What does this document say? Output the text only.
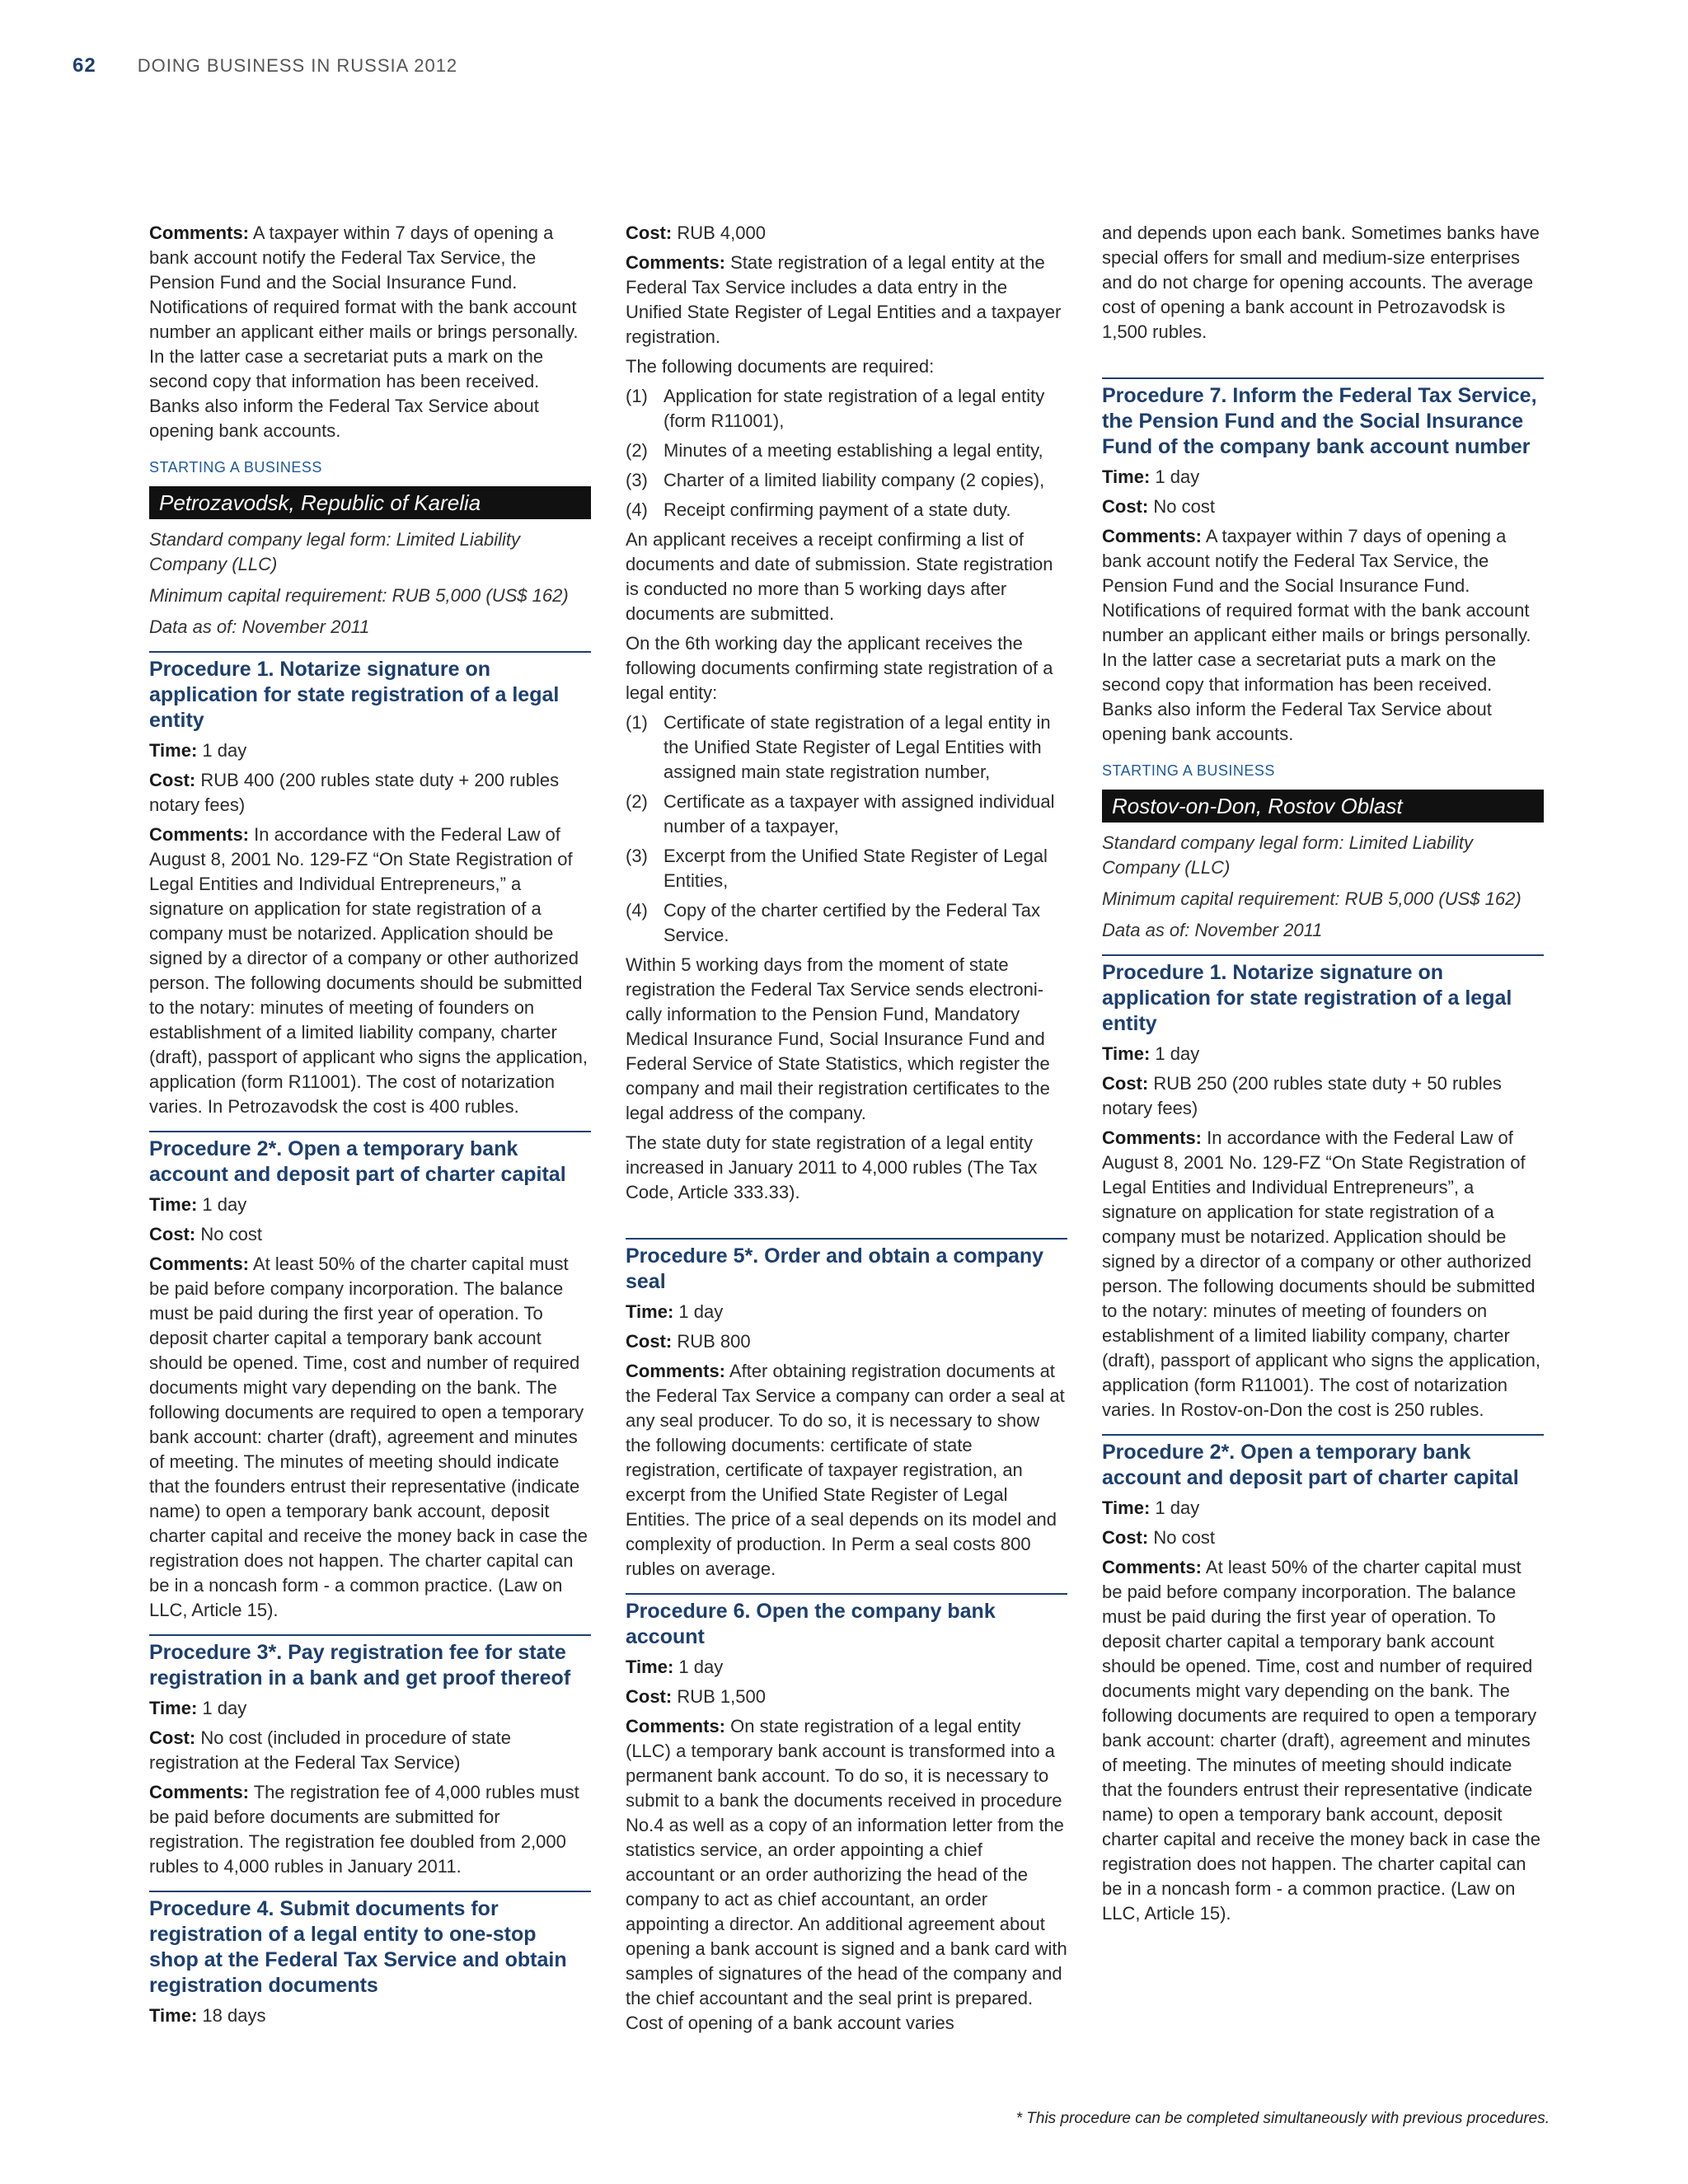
62 DOING BUSINESS IN RUSSIA 2012

Comments: A taxpayer within 7 days of opening a bank account notify the Federal Tax Service, the Pension Fund and the Social Insurance Fund. Notifications of required format with the bank account number an applicant either mails or brings personally. In the latter case a secretariat puts a mark on the second copy that information has been received. Banks also inform the Federal Tax Service about opening bank accounts.

STARTING A BUSINESS
Petrozavodsk, Republic of Karelia

Standard company legal form: Limited Liability Company (LLC)

Minimum capital requirement: RUB 5,000 (US$ 162)

Data as of: November 2011

Procedure 1. Notarize signature on application for state registration of a legal entity

Time: 1 day

Cost: RUB 400 (200 rubles state duty + 200 rubles notary fees)

Comments: In accordance with the Federal Law of August 8, 2001 No. 129-FZ “On State Registration of Legal Entities and Individual Entrepreneurs,” a signature on application for state registration of a company must be notarized. Application should be signed by a director of a company or other authorized person. The following documents should be submitted to the notary: minutes of meeting of founders on establishment of a limited liability company, charter (draft), passport of applicant who signs the application, application (form R11001). The cost of notarization varies. In Petrozavodsk the cost is 400 rubles.

Procedure 2*. Open a temporary bank account and deposit part of charter capital

Time: 1 day

Cost: No cost

Comments: At least 50% of the charter capital must be paid before company incorporation. The balance must be paid during the first year of operation. To deposit charter capital a temporary bank account should be opened. Time, cost and number of required documents might vary depending on the bank. The following documents are required to open a temporary bank account: charter (draft), agreement and minutes of meeting. The minutes of meeting should indicate that the founders entrust their representative (indicate name) to open a temporary bank account, deposit charter capital and receive the money back in case the registration does not happen. The charter capital can be in a noncash form - a common practice. (Law on LLC, Article 15).

Procedure 3*. Pay registration fee for state registration in a bank and get proof thereof

Time: 1 day

Cost: No cost (included in procedure of state registration at the Federal Tax Service)

Comments: The registration fee of 4,000 rubles must be paid before documents are submitted for registration. The registration fee doubled from 2,000 rubles to 4,000 rubles in January 2011.

Procedure 4. Submit documents for registration of a legal entity to one-stop shop at the Federal Tax Service and obtain registration documents

Time: 18 days

Cost: RUB 4,000

Comments: State registration of a legal entity at the Federal Tax Service includes a data entry in the Unified State Register of Legal Entities and a taxpayer registration.

The following documents are required:

(1) Application for state registration of a legal entity (form R11001),
(2) Minutes of a meeting establishing a legal entity,
(3) Charter of a limited liability company (2 copies),
(4) Receipt confirming payment of a state duty.

An applicant receives a receipt confirming a list of documents and date of submission. State registration is conducted no more than 5 working days after documents are submitted.

On the 6th working day the applicant receives the following documents confirming state registration of a legal entity:

(1) Certificate of state registration of a legal entity in the Unified State Register of Legal Entities with assigned main state registration number,
(2) Certificate as a taxpayer with assigned individual number of a taxpayer,
(3) Excerpt from the Unified State Register of Legal Entities,
(4) Copy of the charter certified by the Federal Tax Service.

Within 5 working days from the moment of state registration the Federal Tax Service sends electronically information to the Pension Fund, Mandatory Medical Insurance Fund, Social Insurance Fund and Federal Service of State Statistics, which register the company and mail their registration certificates to the legal address of the company.

The state duty for state registration of a legal entity increased in January 2011 to 4,000 rubles (The Tax Code, Article 333.33).

Procedure 5*. Order and obtain a company seal

Time: 1 day

Cost: RUB 800

Comments: After obtaining registration documents at the Federal Tax Service a company can order a seal at any seal producer. To do so, it is necessary to show the following documents: certificate of state registration, certificate of taxpayer registration, an excerpt from the Unified State Register of Legal Entities. The price of a seal depends on its model and complexity of production. In Perm a seal costs 800 rubles on average.

Procedure 6. Open the company bank account

Time: 1 day

Cost: RUB 1,500

Comments: On state registration of a legal entity (LLC) a temporary bank account is transformed into a permanent bank account. To do so, it is necessary to submit to a bank the documents received in procedure No.4 as well as a copy of an information letter from the statistics service, an order appointing a chief accountant or an order authorizing the head of the company to act as chief accountant, an order appointing a director. An additional agreement about opening a bank account is signed and a bank card with samples of signatures of the head of the company and the chief accountant and the seal print is prepared. Cost of opening of a bank account varies

and depends upon each bank. Sometimes banks have special offers for small and medium-size enterprises and do not charge for opening accounts. The average cost of opening a bank account in Petrozavodsk is 1,500 rubles.

Procedure 7. Inform the Federal Tax Service, the Pension Fund and the Social Insurance Fund of the company bank account number

Time: 1 day

Cost: No cost

Comments: A taxpayer within 7 days of opening a bank account notify the Federal Tax Service, the Pension Fund and the Social Insurance Fund. Notifications of required format with the bank account number an applicant either mails or brings personally. In the latter case a secretariat puts a mark on the second copy that information has been received. Banks also inform the Federal Tax Service about opening bank accounts.

STARTING A BUSINESS
Rostov-on-Don, Rostov Oblast

Standard company legal form: Limited Liability Company (LLC)

Minimum capital requirement: RUB 5,000 (US$ 162)

Data as of: November 2011

Procedure 1. Notarize signature on application for state registration of a legal entity

Time: 1 day

Cost: RUB 250 (200 rubles state duty + 50 rubles notary fees)

Comments: In accordance with the Federal Law of August 8, 2001 No. 129-FZ “On State Registration of Legal Entities and Individual Entrepreneurs”, a signature on application for state registration of a company must be notarized. Application should be signed by a director of a company or other authorized person. The following documents should be submitted to the notary: minutes of meeting of founders on establishment of a limited liability company, charter (draft), passport of applicant who signs the application, application (form R11001). The cost of notarization varies. In Rostov-on-Don the cost is 250 rubles.

Procedure 2*. Open a temporary bank account and deposit part of charter capital

Time: 1 day

Cost: No cost

Comments: At least 50% of the charter capital must be paid before company incorporation. The balance must be paid during the first year of operation. To deposit charter capital a temporary bank account should be opened. Time, cost and number of required documents might vary depending on the bank. The following documents are required to open a temporary bank account: charter (draft), agreement and minutes of meeting. The minutes of meeting should indicate that the founders entrust their representative (indicate name) to open a temporary bank account, deposit charter capital and receive the money back in case the registration does not happen. The charter capital can be in a noncash form - a common practice. (Law on LLC, Article 15).

* This procedure can be completed simultaneously with previous procedures.
